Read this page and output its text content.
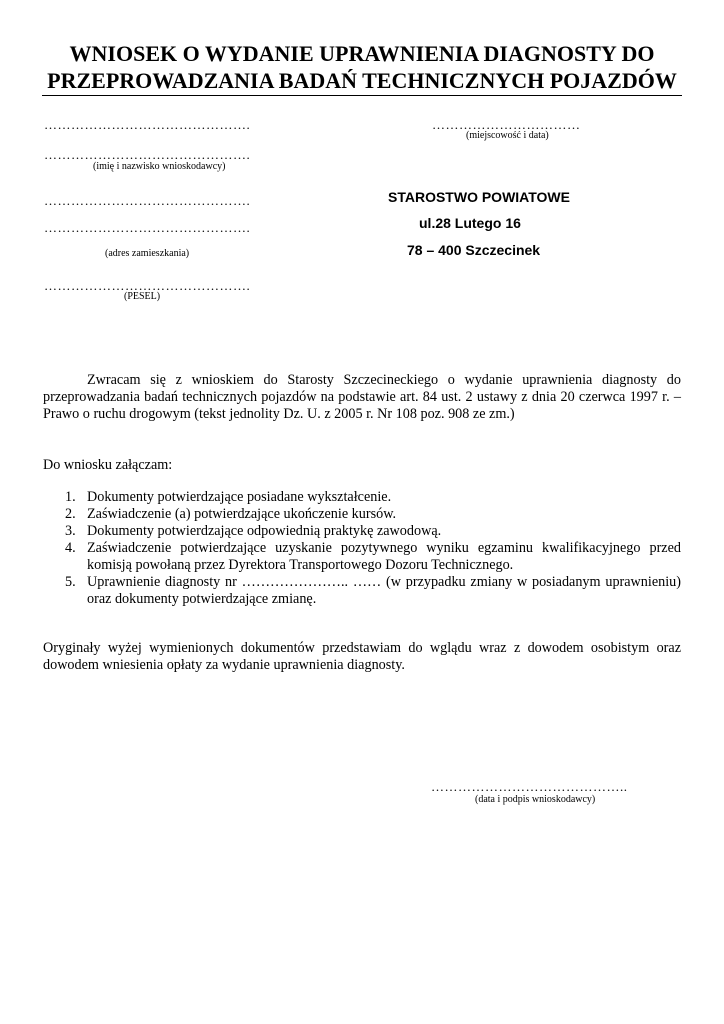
WNIOSEK O WYDANIE UPRAWNIENIA DIAGNOSTY DO
PRZEPROWADZANIA BADAŃ TECHNICZNYCH POJAZDÓW
……………………………………….
……………………………………….
(imię i nazwisko wnioskodawcy)
……………………………………….
……………………………………….
(adres zamieszkania)
……………………………………….
(PESEL)
……………………………
(miejscowość i data)
STAROSTWO POWIATOWE
ul.28 Lutego 16
78 – 400 Szczecinek
Zwracam się z wnioskiem do Starosty Szczecineckiego o wydanie uprawnienia diagnosty do przeprowadzania badań technicznych pojazdów na podstawie art. 84 ust. 2 ustawy z dnia 20 czerwca 1997 r. – Prawo o ruchu drogowym (tekst jednolity Dz. U. z 2005 r. Nr 108 poz. 908 ze zm.)
Do wniosku załączam:
1. Dokumenty potwierdzające posiadane wykształcenie.
2. Zaświadczenie (a) potwierdzające ukończenie kursów.
3. Dokumenty potwierdzające odpowiednią praktykę zawodową.
4. Zaświadczenie potwierdzające uzyskanie pozytywnego wyniku egzaminu kwalifikacyjnego przed komisją powołaną przez Dyrektora Transportowego Dozoru Technicznego.
5. Uprawnienie diagnosty nr ………………….. …… (w przypadku zmiany w posiadanym uprawnieniu) oraz dokumenty potwierdzające zmianę.
Oryginały wyżej wymienionych dokumentów przedstawiam do wglądu wraz z dowodem osobistym oraz dowodem wniesienia opłaty za wydanie uprawnienia diagnosty.
……………………………………..
(data i podpis wnioskodawcy)
